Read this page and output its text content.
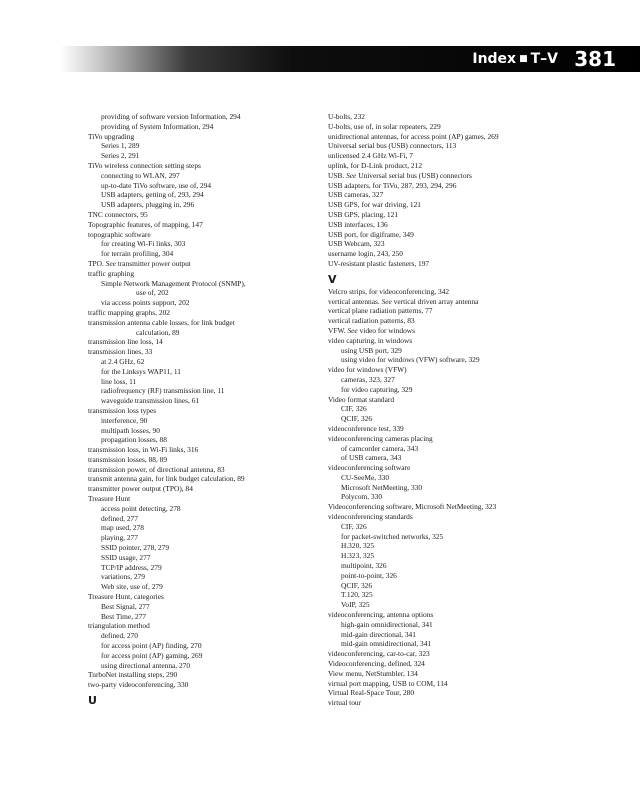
Index ■ T–V 381
providing of software version Information, 294
providing of System Information, 294
TiVo upgrading
Series 1, 289
Series 2, 291
TiVo wireless connection setting steps
connecting to WLAN, 297
up-to-date TiVo software, use of, 294
USB adapters, getting of, 293, 294
USB adapters, plugging in, 296
TNC connectors, 95
Topographic features, of mapping, 147
topographic software
for creating Wi-Fi links, 303
for terrain profiling, 304
TPO. See transmitter power output
traffic graphing
Simple Network Management Protocol (SNMP),
use of, 202
via access points support, 202
traffic mapping graphs, 202
transmission antenna cable losses, for link budget
calculation, 89
transmission line loss, 14
transmission lines, 33
at 2.4 GHz, 62
for the Linksys WAP11, 11
line loss, 11
radiofrequency (RF) transmission line, 11
waveguide transmission lines, 61
transmission loss types
interference, 90
multipath losses, 90
propagation losses, 88
transmission loss, in Wi-Fi links, 316
transmission losses, 88, 89
transmission power, of directional antenna, 83
transmit antenna gain, for link budget calculation, 89
transmitter power output (TPO), 84
Treasure Hunt
access point detecting, 278
defined, 277
map used, 278
playing, 277
SSID pointer, 278, 279
SSID usage, 277
TCP/IP address, 279
variations, 279
Web site, use of, 279
Treasure Hunt, categories
Best Signal, 277
Best Time, 277
triangulation method
defined, 270
for access point (AP) finding, 270
for access point (AP) gaming, 269
using directional antenna, 270
TurboNet installing steps, 290
two-party videoconferencing, 330
U
U-bolts, 232
U-bolts, use of, in solar repeaters, 229
unidirectional antennas, for access point (AP) games, 269
Universal serial bus (USB) connectors, 113
unlicensed 2.4 GHz Wi-Fi, 7
uplink, for D-Link product, 212
USB. See Universal serial bus (USB) connectors
USB adapters, for TiVo, 287, 293, 294, 296
USB cameras, 327
USB GPS, for war driving, 121
USB GPS, placing, 121
USB interfaces, 136
USB port, for digiframe, 349
USB Webcam, 323
username login, 243, 250
UV-resistant plastic fasteners, 197
V
Velcro strips, for videoconferencing, 342
vertical antennas. See vertical driven array antenna
vertical plane radiation patterns, 77
vertical radiation patterns, 83
VFW. See video for windows
video capturing, in windows
using USB port, 329
using video for windows (VFW) software, 329
video for windows (VFW)
cameras, 323, 327
for video capturing, 329
Video format standard
CIF, 326
QCIF, 326
videoconference test, 339
videoconferencing cameras placing
of camcorder camera, 343
of USB camera, 343
videoconferencing software
CU-SeeMe, 330
Microsoft NetMeeting, 330
Polycom, 330
Videoconferencing software, Microsoft NetMeeting, 323
videoconferencing standards
CIF, 326
for packet-switched networks, 325
H.320, 325
H.323, 325
multipoint, 326
point-to-point, 326
QCIF, 326
T.120, 325
VoIP, 325
videoconferencing, antenna options
high-gain omnidirectional, 341
mid-gain directional, 341
mid-gain omnidirectional, 341
videoconferencing, car-to-car, 323
Videoconferencing, defined, 324
View menu, NetStumbler, 134
virtual port mapping, USB to COM, 114
Virtual Real-Space Tour, 280
virtual tour
